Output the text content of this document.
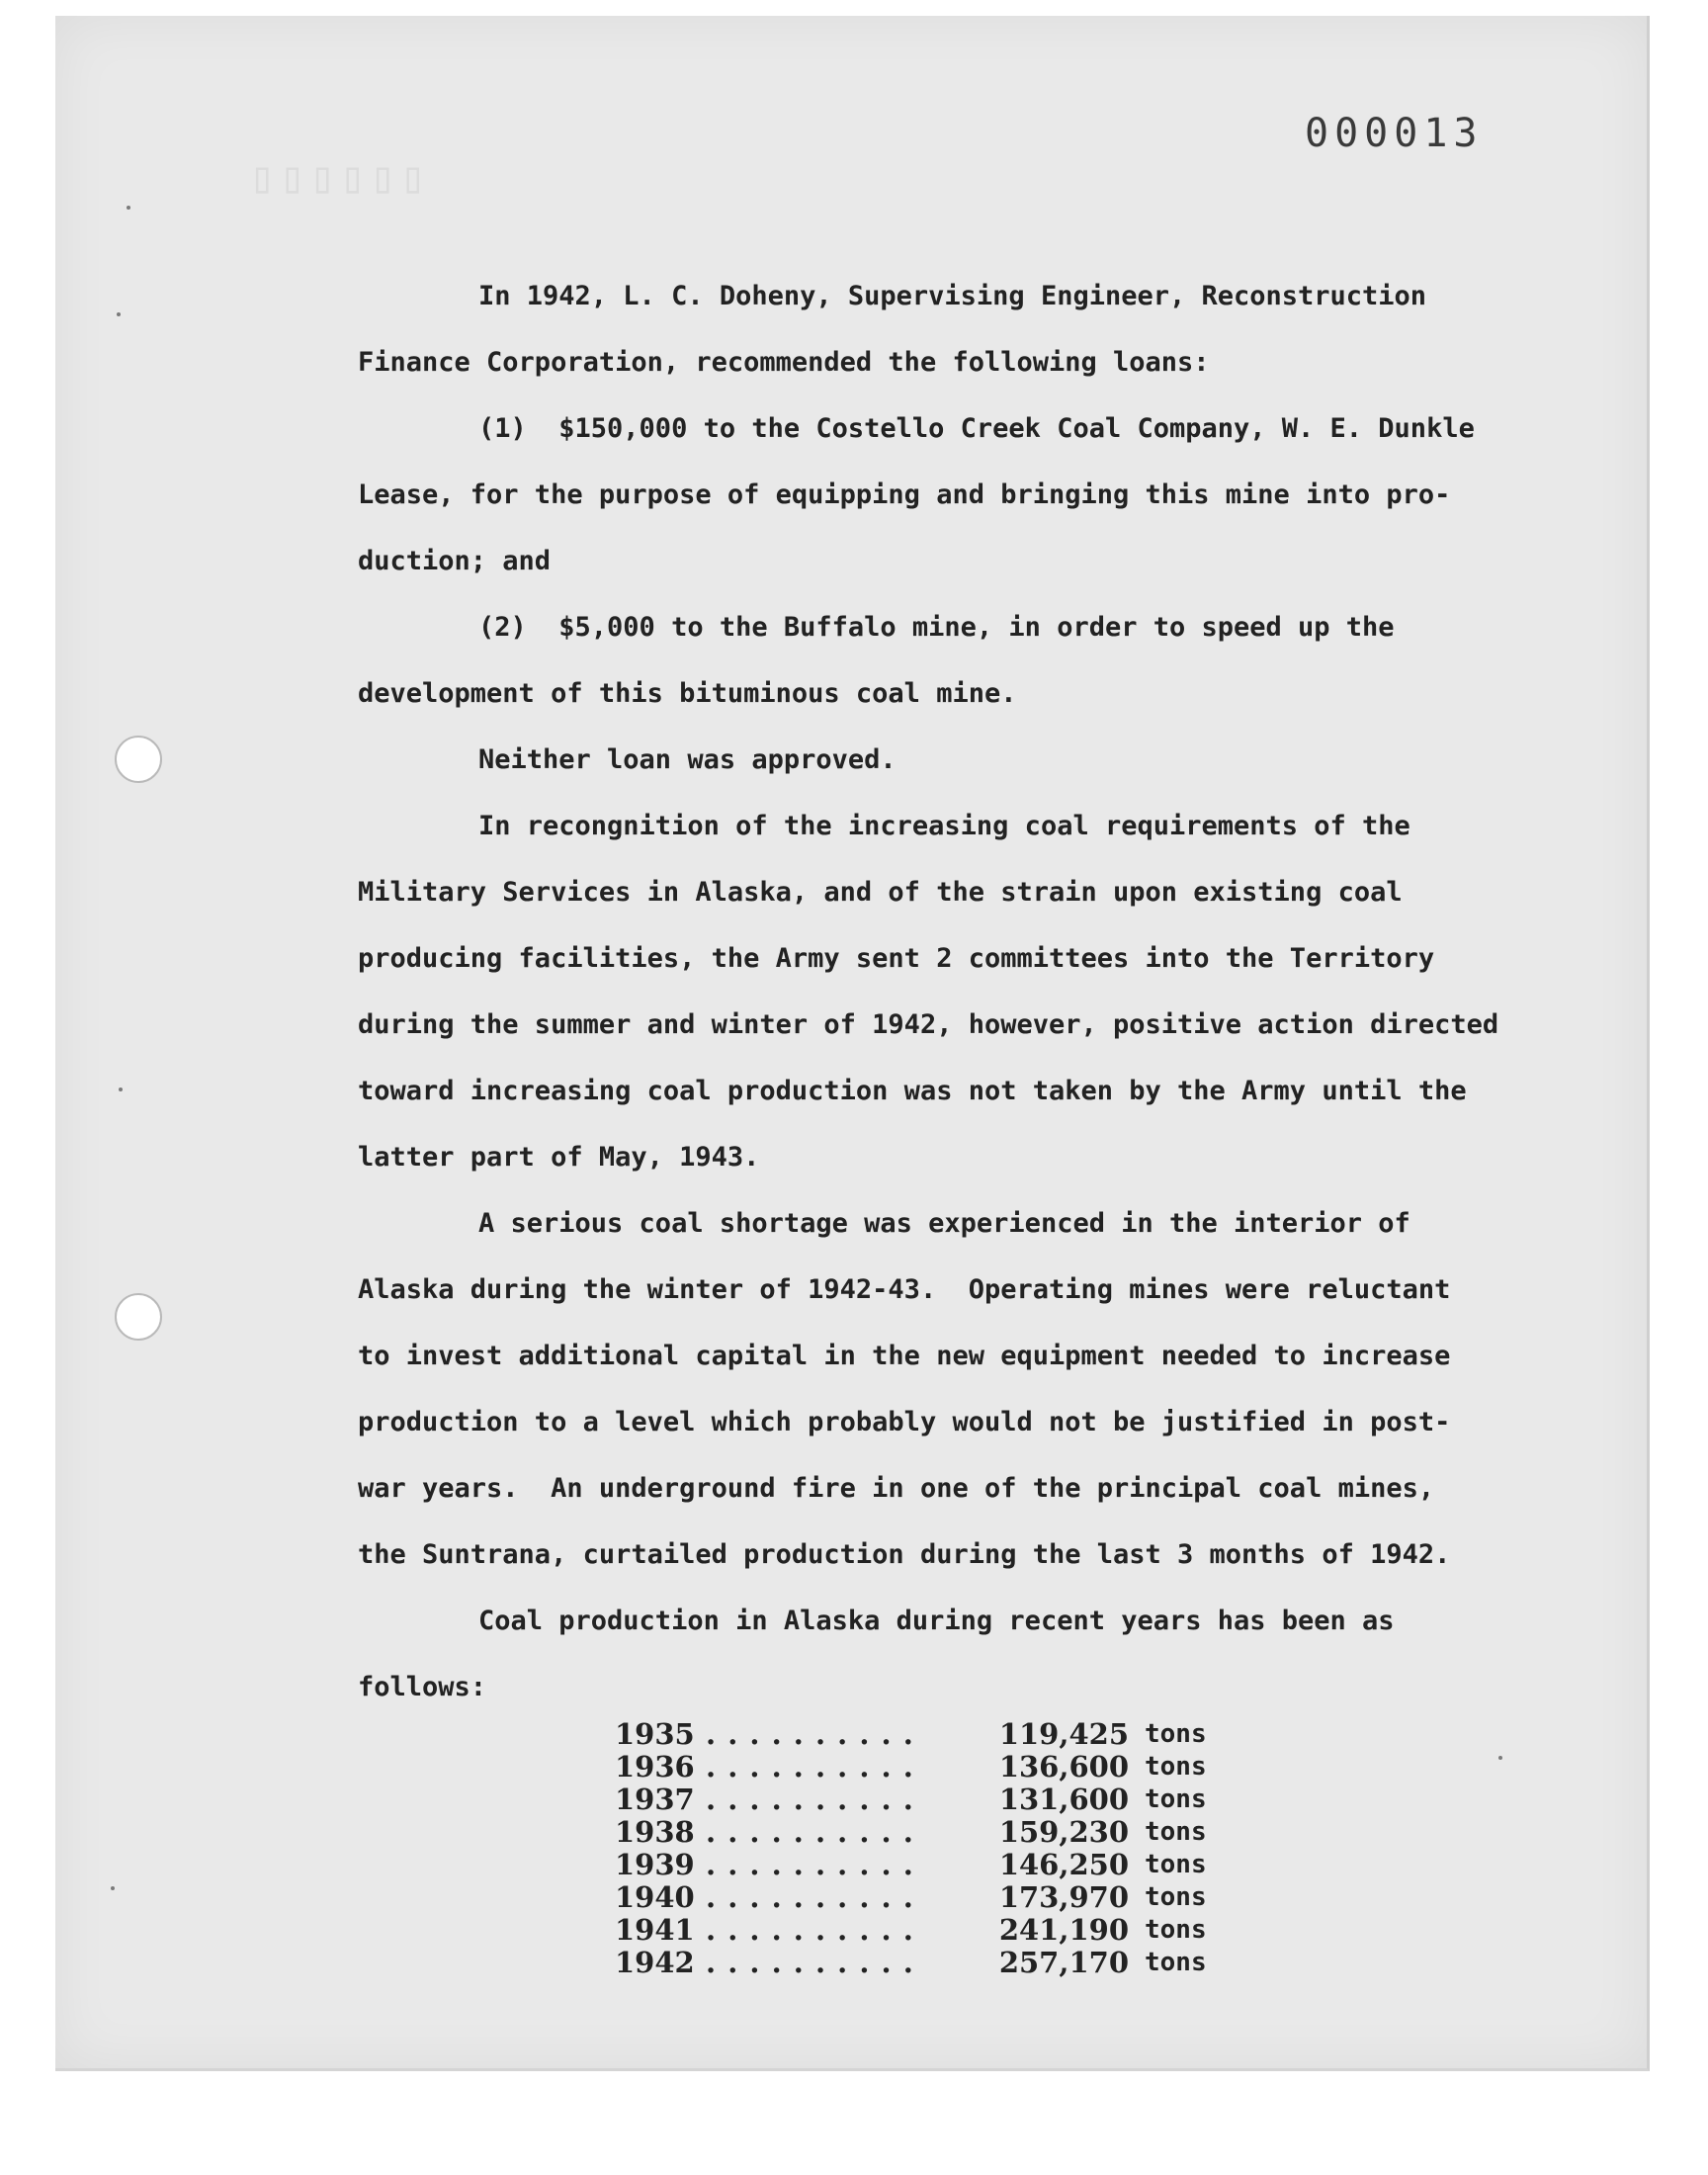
▯▯▯▯▯▯
000013

In 1942, L. C. Doheny, Supervising Engineer, Reconstruction

Finance Corporation, recommended the following loans:

(1)  $150,000 to the Costello Creek Coal Company, W. E. Dunkle

Lease, for the purpose of equipping and bringing this mine into pro-

duction; and

(2)  $5,000 to the Buffalo mine, in order to speed up the

development of this bituminous coal mine.

Neither loan was approved.

In recongnition of the increasing coal requirements of the

Military Services in Alaska, and of the strain upon existing coal

producing facilities, the Army sent 2 committees into the Territory

during the summer and winter of 1942, however, positive action directed

toward increasing coal production was not taken by the Army until the

latter part of May, 1943.

A serious coal shortage was experienced in the interior of

Alaska during the winter of 1942-43.  Operating mines were reluctant

to invest additional capital in the new equipment needed to increase

production to a level which probably would not be justified in post-

war years.  An underground fire in one of the principal coal mines,

the Suntrana, curtailed production during the last 3 months of 1942.

Coal production in Alaska during recent years has been as

follows:

1935	. . . . . . . . . .	119,425	tons
1936	. . . . . . . . . .	136,600	tons
1937	. . . . . . . . . .	131,600	tons
1938	. . . . . . . . . .	159,230	tons
1939	. . . . . . . . . .	146,250	tons
1940	. . . . . . . . . .	173,970	tons
1941	. . . . . . . . . .	241,190	tons
1942	. . . . . . . . . .	257,170	tons
